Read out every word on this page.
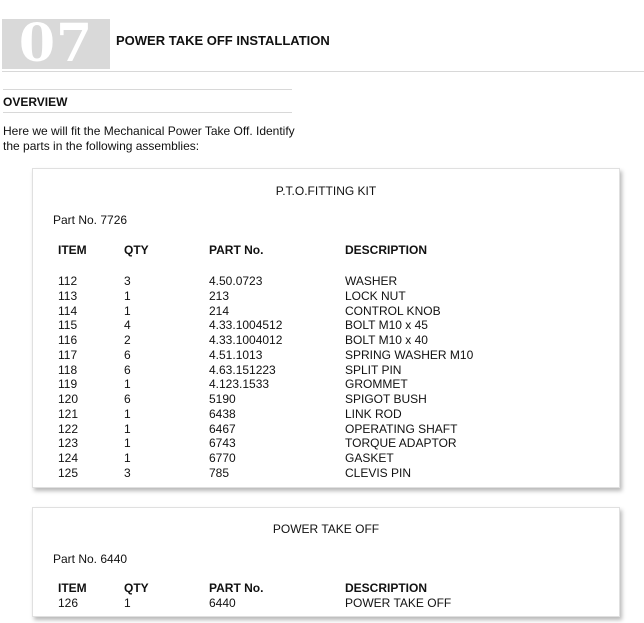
07	POWER TAKE OFF INSTALLATION
OVERVIEW
Here we will fit the Mechanical Power Take Off. Identify
the parts in the following assemblies:
P.T.O.FITTING KIT
Part No. 7726
ITEM	QTY	PART No.	DESCRIPTION
112	3	4.50.0723	WASHER
113	1	213	LOCK NUT
114	1	214	CONTROL KNOB
115	4	4.33.1004512	BOLT M10 x 45
116	2	4.33.1004012	BOLT M10 x 40
117	6	4.51.1013	SPRING WASHER M10
118	6	4.63.151223	SPLIT PIN
119	1	4.123.1533	GROMMET
120	6	5190	SPIGOT BUSH
121	1	6438	LINK ROD
122	1	6467	OPERATING SHAFT
123	1	6743	TORQUE ADAPTOR
124	1	6770	GASKET
125	3	785	CLEVIS PIN
POWER TAKE OFF
Part No. 6440
ITEM	QTY	PART No.	DESCRIPTION
126	1	6440	POWER TAKE OFF
